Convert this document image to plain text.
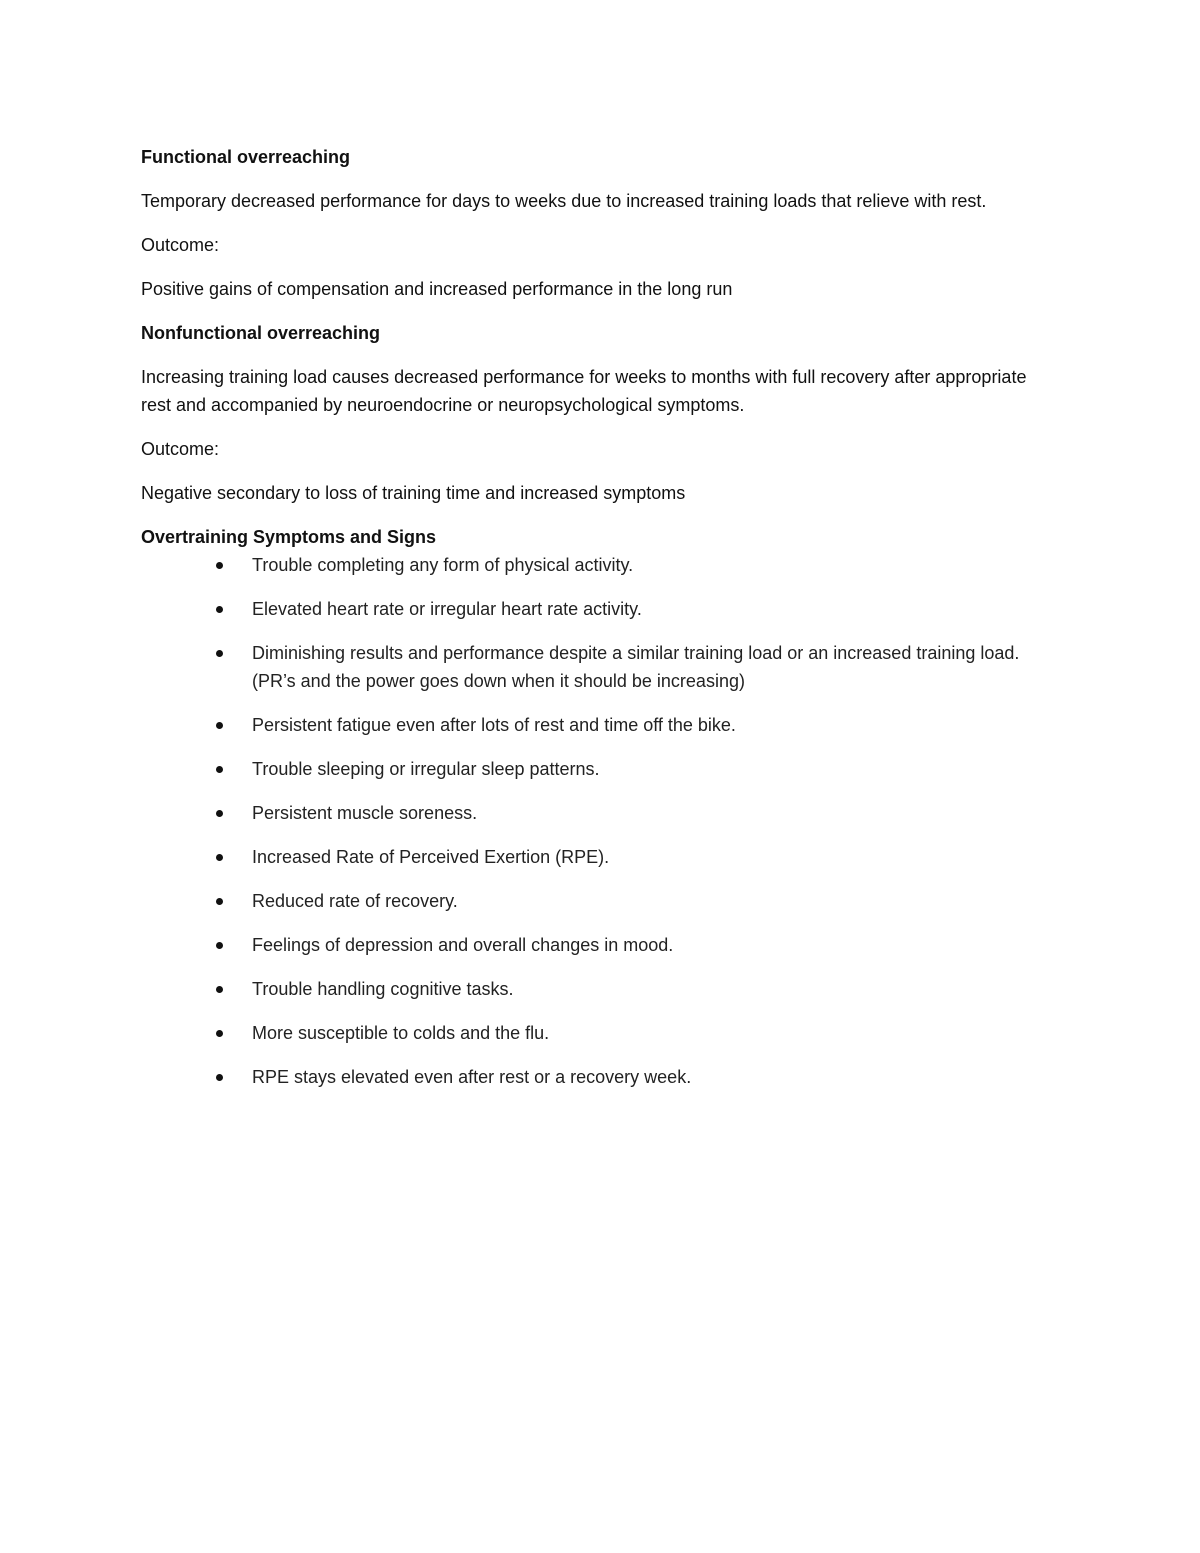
Functional overreaching
Temporary decreased performance for days to weeks due to increased training loads that relieve with rest.
Outcome:
Positive gains of compensation and increased performance in the long run
Nonfunctional overreaching
Increasing training load causes decreased performance for weeks to months with full recovery after appropriate rest and accompanied by neuroendocrine or neuropsychological symptoms.
Outcome:
Negative secondary to loss of training time and increased symptoms
Overtraining Symptoms and Signs
Trouble completing any form of physical activity.
Elevated heart rate or irregular heart rate activity.
Diminishing results and performance despite a similar training load or an increased training load. (PR’s and the power goes down when it should be increasing)
Persistent fatigue even after lots of rest and time off the bike.
Trouble sleeping or irregular sleep patterns.
Persistent muscle soreness.
Increased Rate of Perceived Exertion (RPE).
Reduced rate of recovery.
Feelings of depression and overall changes in mood.
Trouble handling cognitive tasks.
More susceptible to colds and the flu.
RPE stays elevated even after rest or a recovery week.
